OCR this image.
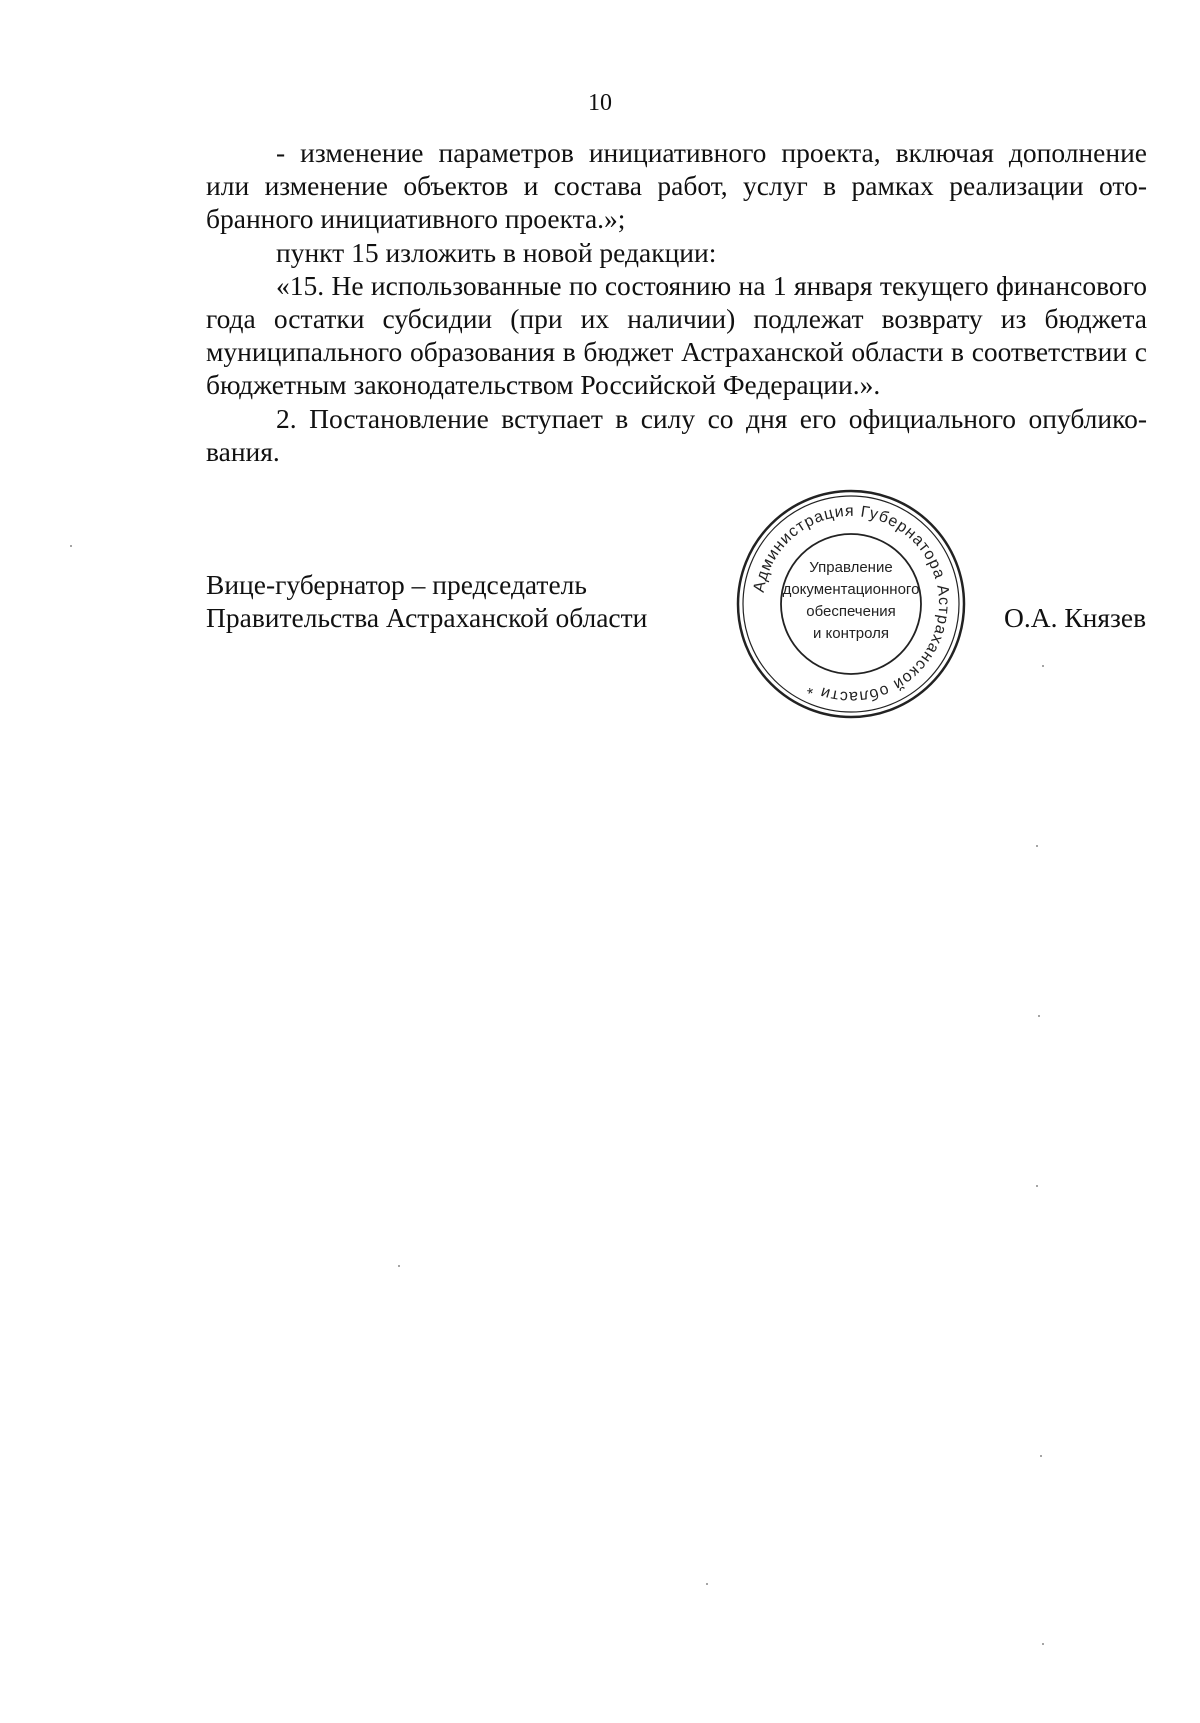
10

- изменение параметров инициативного проекта, включая дополнение или изменение объектов и состава работ, услуг в рамках реализации отобранного инициативного проекта.»;

пункт 15 изложить в новой редакции:

«15. Не использованные по состоянию на 1 января текущего финансового года остатки субсидии (при их наличии) подлежат возврату из бюджета муниципального образования в бюджет Астраханской области в соответствии с бюджетным законодательством Российской Федерации.».

2. Постановление вступает в силу со дня его официального опубликования.

Вице-губернатор – председатель
Правительства Астраханской области	О.А. Князев
Администрация Губернатора Астраханской области *
Управление
документационного
обеспечения
и контроля
